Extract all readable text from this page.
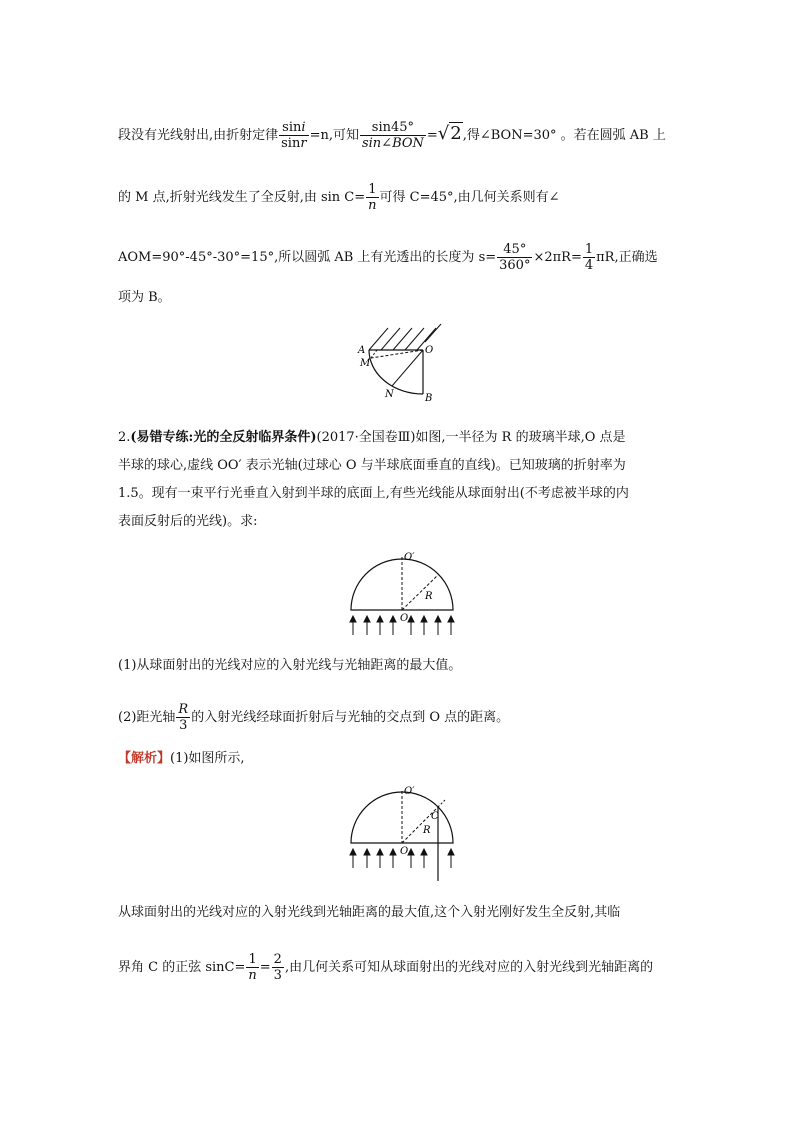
段没有光线射出,由折射定律 $\frac{\sin i}{\sin r} =n$,可知 $\frac{\sin 45^\circ}{\text{sin∠BON}} =√2$,得∠BON=30° 。若在圆弧 AB 上
的 M 点,折射光线发生了全反射,由 $\sin C= \frac{1}{n}$ 可得 C=45°,由几何关系则有∠
AOM=90°-45°-30°=15°,所以圆弧 AB 上有光透出的长度为 $s= \frac{45^\circ}{360^\circ} \times 2\pi R= \frac{1}{4} \pi R$,正确选
项为 B。
A	O
M
N	B
2.(易错专练:光的全反射临界条件)(2017·全国卷Ⅲ)如图,一半径为 R 的玻璃半球,O 点是
半球的球心,虚线 OO′ 表示光轴(过球心 O 与半球底面垂直的直线)。已知玻璃的折射率为
1.5。现有一束平行光垂直入射到半球的底面上,有些光线能从球面射出(不考虑被半球的内
表面反射后的光线)。求:
O′
R
O
(1)从球面射出的光线对应的入射光线与光轴距离的最大值。
(2)距光轴 $\frac{R}{3}$ 的入射光线经球面折射后与光轴的交点到 O 点的距离。
【解析】(1)如图所示,
O′
C
R
O
从球面射出的光线对应的入射光线到光轴距离的最大值,这个入射光刚好发生全反射,其临
界角 C 的正弦 $\sin C= \frac{1}{n} = \frac{2}{3}$ ,由几何关系可知从球面射出的光线对应的入射光线到光轴距离的
